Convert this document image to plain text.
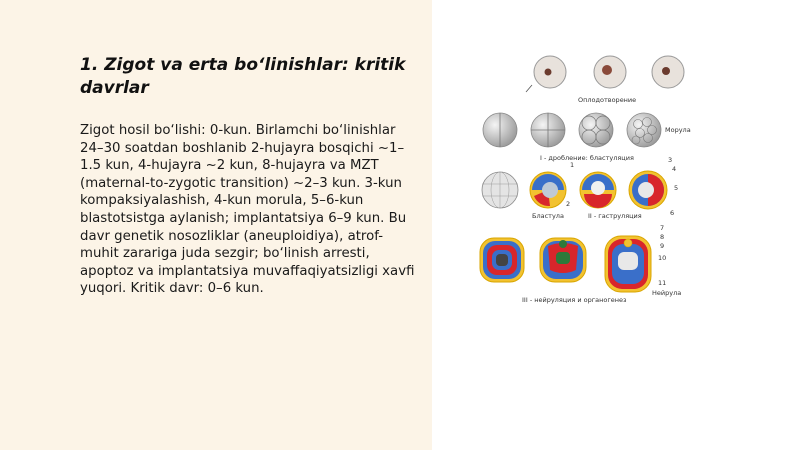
1. Zigot va erta bo‘linishlar: kritik davrlar

Zigot hosil bo‘lishi: 0-kun. Birlamchi bo‘linishlar 24–30 soatdan boshlanib 2-hujayra bosqichi ~1–1.5 kun, 4-hujayra ~2 kun, 8-hujayra va MZT (maternal-to-zygotic transition) ~2–3 kun. 3-kun kompaksiyalashish, 4-kun morula, 5–6-kun blastotsistga aylanish; implantatsiya 6–9 kun. Bu davr genetik nosozliklar (aneuploidiya), atrof-muhit zarariga juda sezgir; bo‘linish arresti, apoptoz va implantatsiya muvaffaqiyatsizligi xavfi yuqori. Kritik davr: 0–6 kun.

Оплодотворение
Морула
I - дробление: бластуляция	3
4
5
6
1
2
Бластула	II - гаструляция
7
8
9
10
11
Нейрула
III - нейруляция и органогенез
